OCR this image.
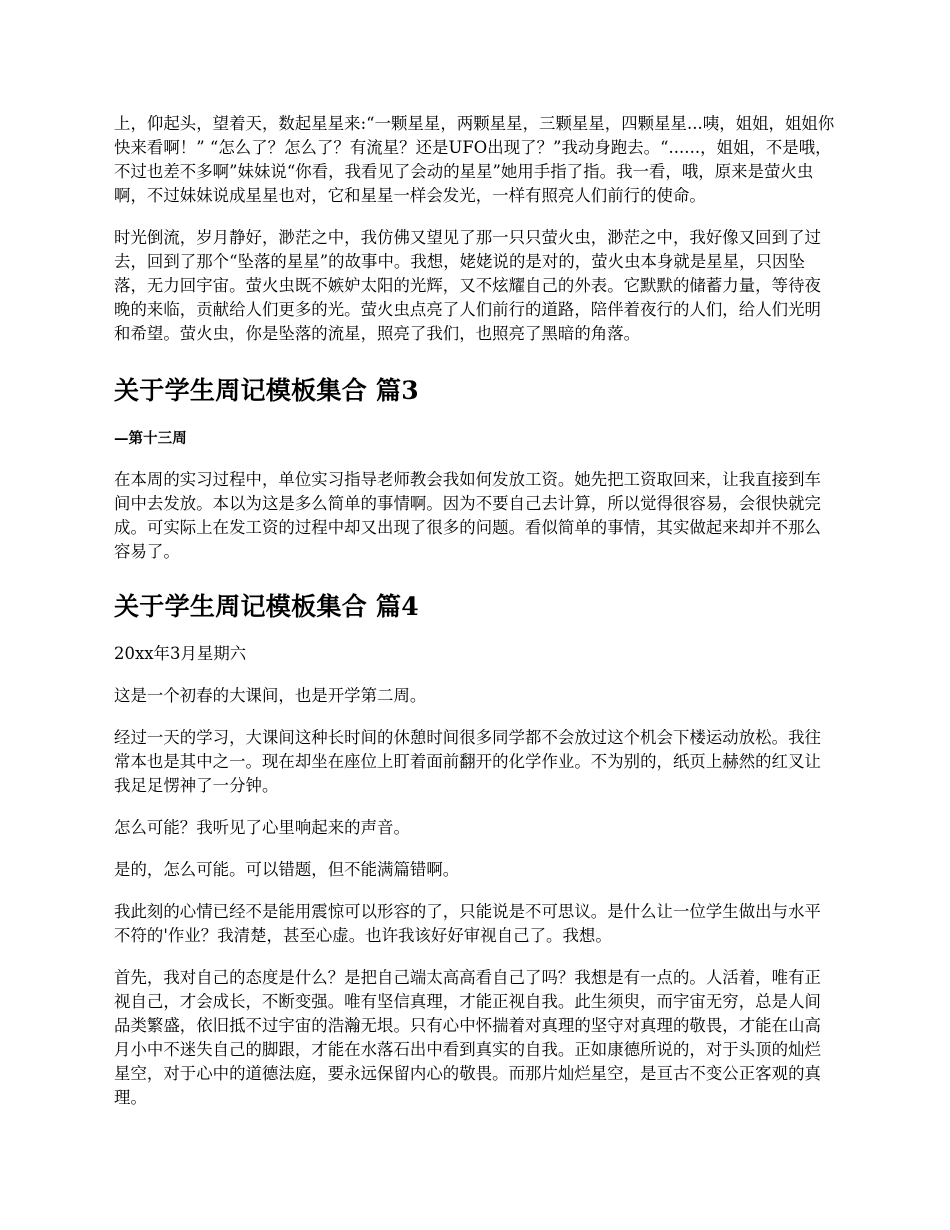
上，仰起头，望着天，数起星星来:“一颗星星，两颗星星，三颗星星，四颗星星...咦，姐姐，姐姐你快来看啊！” “怎么了？怎么了？有流星？还是UFO出现了？”我动身跑去。“......，姐姐，不是哦，不过也差不多啊”妹妹说“你看，我看见了会动的星星”她用手指了指。我一看，哦，原来是萤火虫啊，不过妹妹说成星星也对，它和星星一样会发光，一样有照亮人们前行的使命。

时光倒流，岁月静好，渺茫之中，我仿佛又望见了那一只只萤火虫，渺茫之中，我好像又回到了过去，回到了那个“坠落的星星”的故事中。我想，姥姥说的是对的，萤火虫本身就是星星，只因坠落，无力回宇宙。萤火虫既不嫉妒太阳的光辉，又不炫耀自己的外表。它默默的储蓄力量，等待夜晚的来临，贡献给人们更多的光。萤火虫点亮了人们前行的道路，陪伴着夜行的人们，给人们光明和希望。萤火虫，你是坠落的流星，照亮了我们，也照亮了黑暗的角落。

关于学生周记模板集合 篇3

—第十三周

在本周的实习过程中，单位实习指导老师教会我如何发放工资。她先把工资取回来，让我直接到车间中去发放。本以为这是多么简单的事情啊。因为不要自己去计算，所以觉得很容易，会很快就完成。可实际上在发工资的过程中却又出现了很多的问题。看似简单的事情，其实做起来却并不那么容易了。

关于学生周记模板集合 篇4

20xx年3月星期六

这是一个初春的大课间，也是开学第二周。

经过一天的学习，大课间这种长时间的休憩时间很多同学都不会放过这个机会下楼运动放松。我往常本也是其中之一。现在却坐在座位上盯着面前翻开的化学作业。不为别的，纸页上赫然的红叉让我足足愣神了一分钟。

怎么可能？我听见了心里响起来的声音。

是的，怎么可能。可以错题，但不能满篇错啊。

我此刻的心情已经不是能用震惊可以形容的了，只能说是不可思议。是什么让一位学生做出与水平不符的'作业？我清楚，甚至心虚。也许我该好好审视自己了。我想。

首先，我对自己的态度是什么？是把自己端太高高看自己了吗？我想是有一点的。人活着，唯有正视自己，才会成长，不断变强。唯有坚信真理，才能正视自我。此生须臾，而宇宙无穷，总是人间品类繁盛，依旧抵不过宇宙的浩瀚无垠。只有心中怀揣着对真理的坚守对真理的敬畏，才能在山高月小中不迷失自己的脚跟，才能在水落石出中看到真实的自我。正如康德所说的，对于头顶的灿烂星空，对于心中的道德法庭，要永远保留内心的敬畏。而那片灿烂星空，是亘古不变公正客观的真理。
